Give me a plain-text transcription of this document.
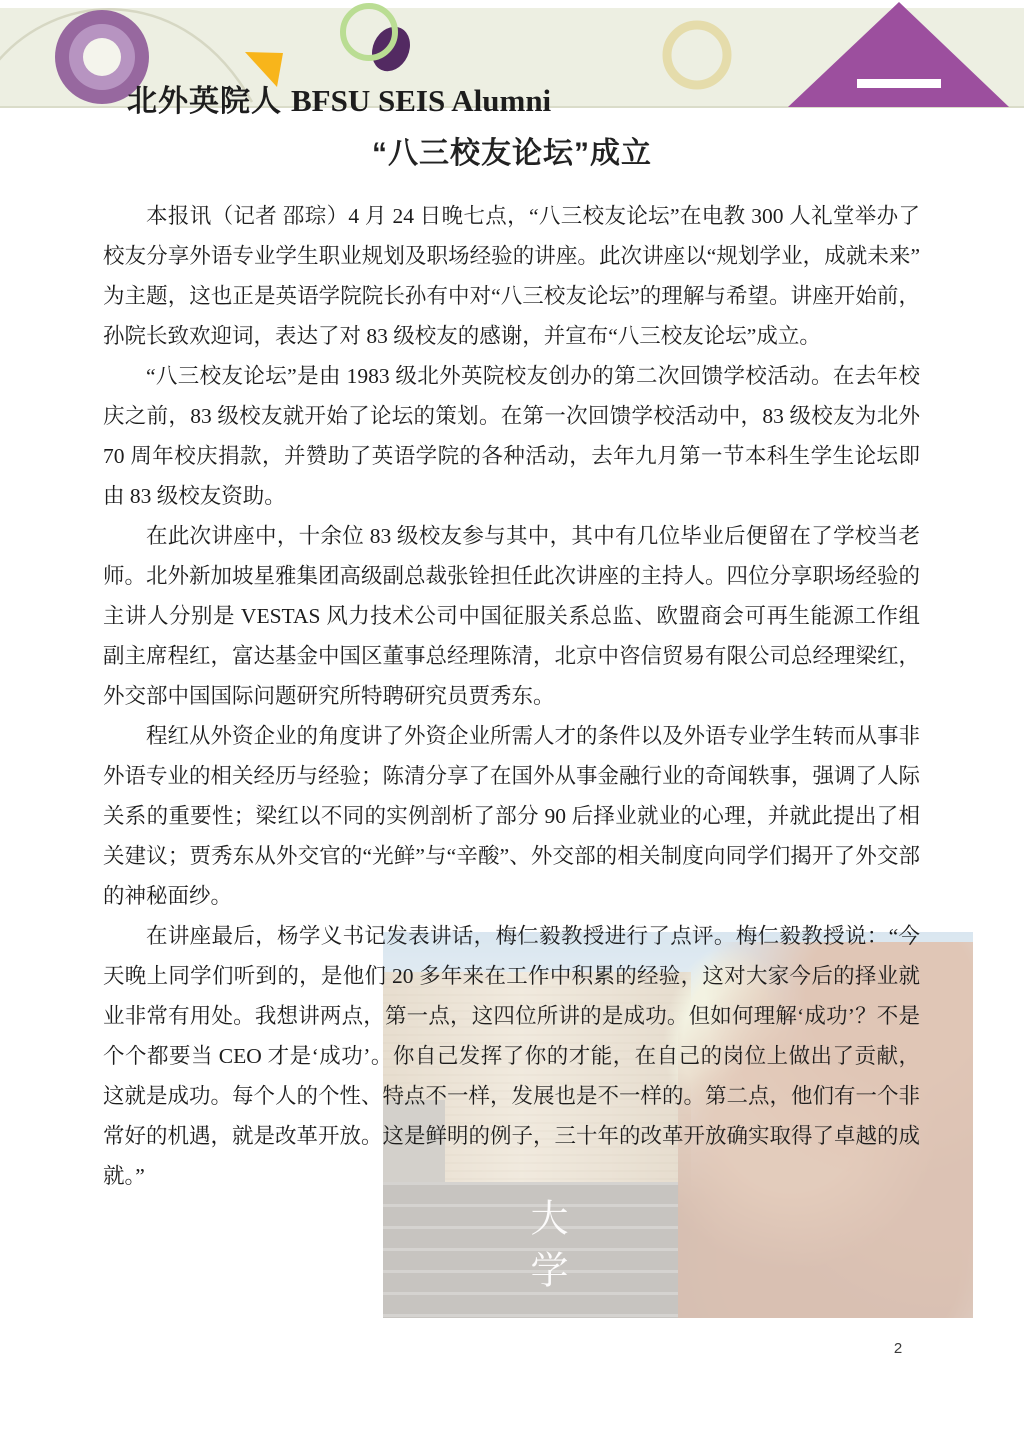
北外英院人 BFSU SEIS Alumni
“八三校友论坛”成立
大学

本报讯（记者 邵琮）4 月 24 日晚七点，“八三校友论坛”在电教 300 人礼堂举办了校友分享外语专业学生职业规划及职场经验的讲座。此次讲座以“规划学业，成就未来”为主题，这也正是英语学院院长孙有中对“八三校友论坛”的理解与希望。讲座开始前，孙院长致欢迎词，表达了对 83 级校友的感谢，并宣布“八三校友论坛”成立。

“八三校友论坛”是由 1983 级北外英院校友创办的第二次回馈学校活动。在去年校庆之前，83 级校友就开始了论坛的策划。在第一次回馈学校活动中，83 级校友为北外 70 周年校庆捐款，并赞助了英语学院的各种活动，去年九月第一节本科生学生论坛即由 83 级校友资助。

在此次讲座中，十余位 83 级校友参与其中，其中有几位毕业后便留在了学校当老师。北外新加坡星雅集团高级副总裁张铨担任此次讲座的主持人。四位分享职场经验的主讲人分别是 VESTAS 风力技术公司中国征服关系总监、欧盟商会可再生能源工作组副主席程红，富达基金中国区董事总经理陈清，北京中咨信贸易有限公司总经理梁红，外交部中国国际问题研究所特聘研究员贾秀东。

程红从外资企业的角度讲了外资企业所需人才的条件以及外语专业学生转而从事非外语专业的相关经历与经验；陈清分享了在国外从事金融行业的奇闻轶事，强调了人际关系的重要性；梁红以不同的实例剖析了部分 90 后择业就业的心理，并就此提出了相关建议；贾秀东从外交官的“光鲜”与“辛酸”、外交部的相关制度向同学们揭开了外交部的神秘面纱。

在讲座最后，杨学义书记发表讲话，梅仁毅教授进行了点评。梅仁毅教授说：“今天晚上同学们听到的，是他们 20 多年来在工作中积累的经验，这对大家今后的择业就业非常有用处。我想讲两点，第一点，这四位所讲的是成功。但如何理解‘成功’？不是个个都要当 CEO 才是‘成功’。你自己发挥了你的才能，在自己的岗位上做出了贡献，这就是成功。每个人的个性、特点不一样，发展也是不一样的。第二点，他们有一个非常好的机遇，就是改革开放。这是鲜明的例子，三十年的改革开放确实取得了卓越的成就。”

2
